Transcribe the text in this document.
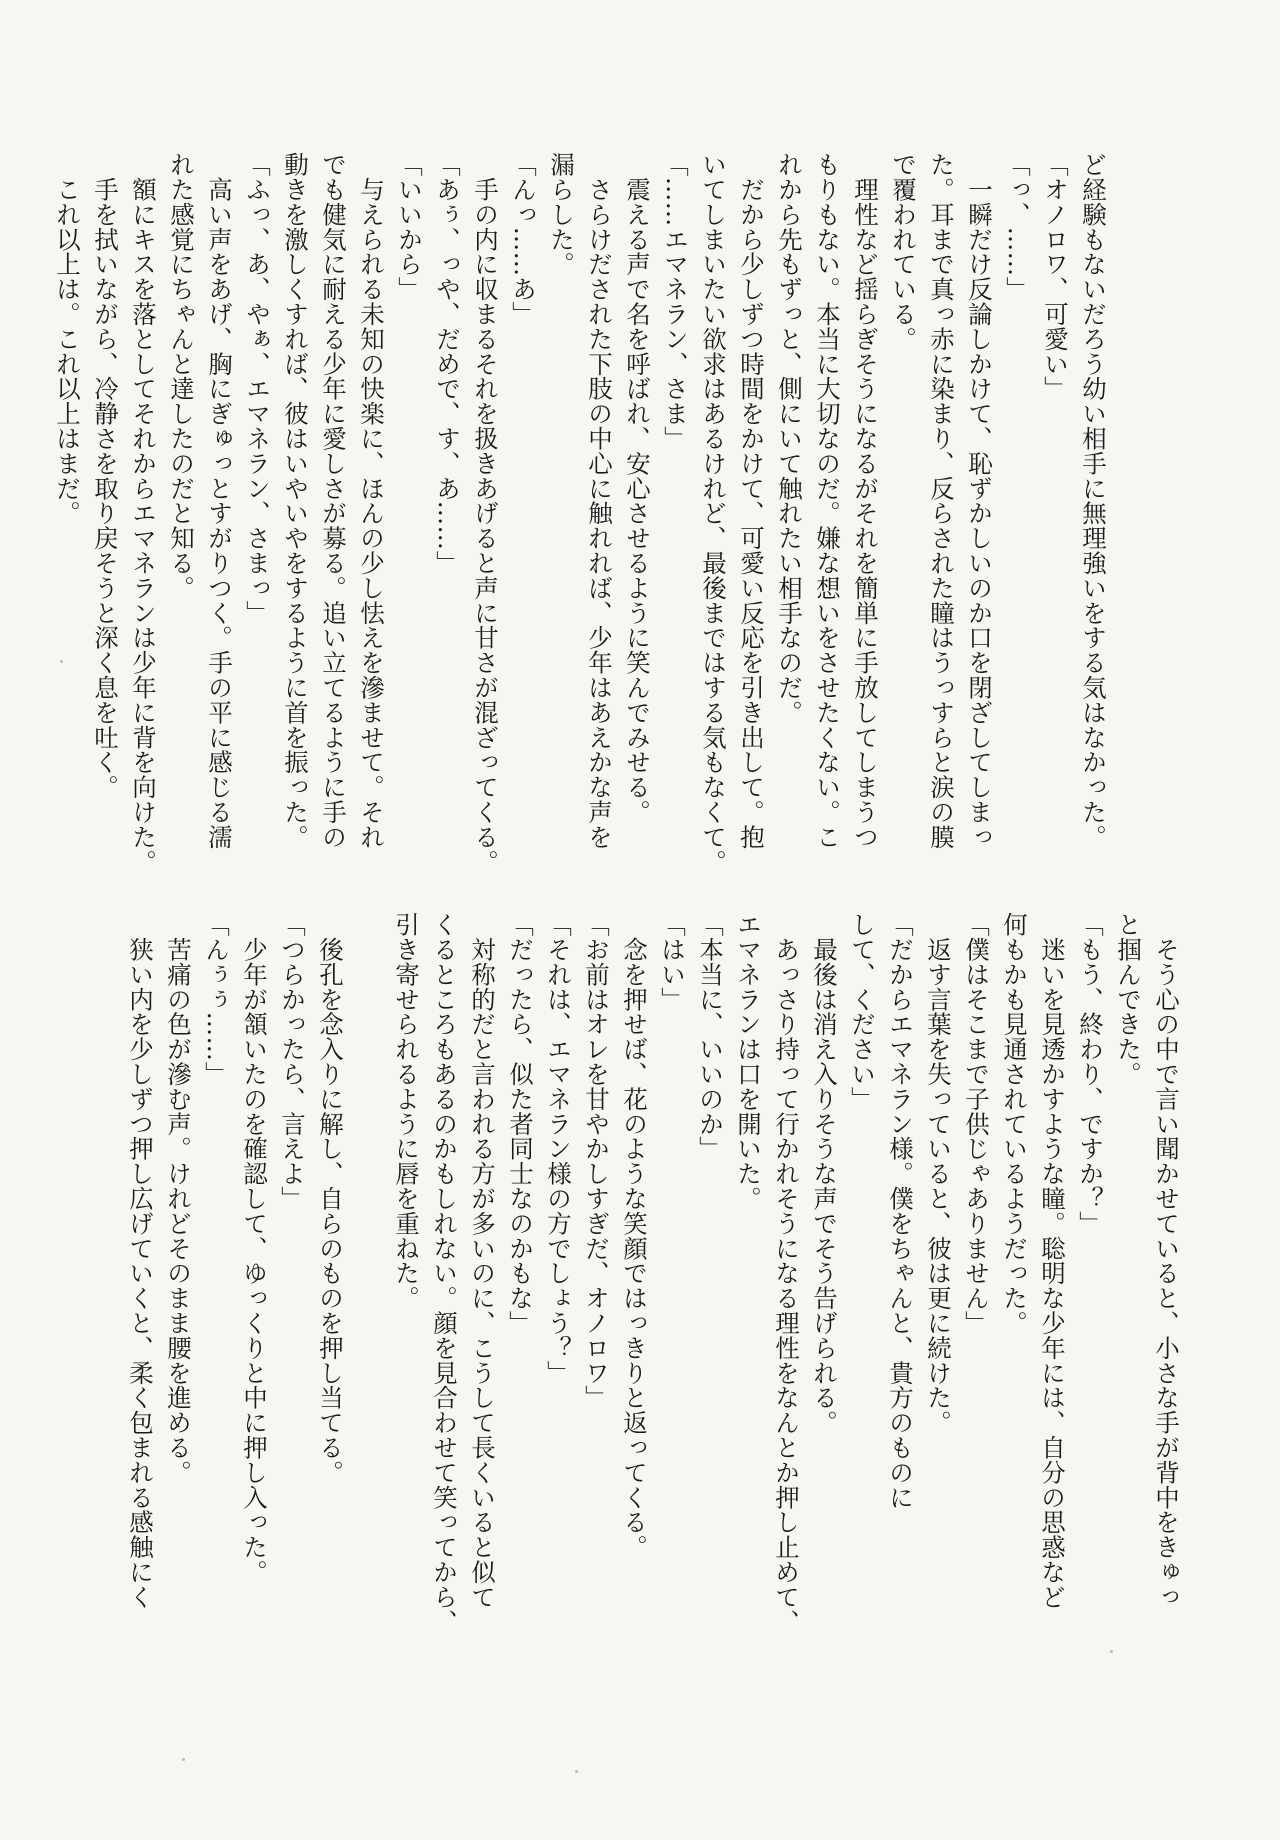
ど経験もないだろう幼い相手に無理強いをする気はなかった。
「オノロワ、可愛い」
「っ、……」
　一瞬だけ反論しかけて、恥ずかしいのか口を閉ざしてしまっ
た。耳まで真っ赤に染まり、反らされた瞳はうっすらと涙の膜
で覆われている。
　理性など揺らぎそうになるがそれを簡単に手放してしまうつ
もりもない。本当に大切なのだ。嫌な想いをさせたくない。こ
れから先もずっと、側にいて触れたい相手なのだ。
　だから少しずつ時間をかけて、可愛い反応を引き出して。抱
いてしまいたい欲求はあるけれど、最後まではする気もなくて。
「……エマネラン、さま」
　震える声で名を呼ばれ、安心させるように笑んでみせる。
　さらけだされた下肢の中心に触れれば、少年はあえかな声を
漏らした。
「んっ……あ」
　手の内に収まるそれを扱きあげると声に甘さが混ざってくる。
「あぅ、っや、だめで、す、あ……」
「いいから」
　与えられる未知の快楽に、ほんの少し怯えを滲ませて。それ
でも健気に耐える少年に愛しさが募る。追い立てるように手の
動きを激しくすれば、彼はいやいやをするように首を振った。
「ふっ、あ、やぁ、エマネラン、さまっ」
　高い声をあげ、胸にぎゅっとすがりつく。手の平に感じる濡
れた感覚にちゃんと達したのだと知る。
　額にキスを落としてそれからエマネランは少年に背を向けた。
　手を拭いながら、冷静さを取り戻そうと深く息を吐く。
　これ以上は。これ以上はまだ。
　そう心の中で言い聞かせていると、小さな手が背中をきゅっ
と掴んできた。
「もう、終わり、ですか？」
　迷いを見透かすような瞳。聡明な少年には、自分の思惑など
何もかも見通されているようだった。
「僕はそこまで子供じゃありません」
　返す言葉を失っていると、彼は更に続けた。
「だからエマネラン様。僕をちゃんと、貴方のものに
して、ください」
　最後は消え入りそうな声でそう告げられる。
　あっさり持って行かれそうになる理性をなんとか押し止めて、
エマネランは口を開いた。
「本当に、いいのか」
「はい」
　念を押せば、花のような笑顔ではっきりと返ってくる。
「お前はオレを甘やかしすぎだ、オノロワ」
「それは、エマネラン様の方でしょう？」
「だったら、似た者同士なのかもな」
　対称的だと言われる方が多いのに、こうして長くいると似て
くるところもあるのかもしれない。顔を見合わせて笑ってから、
引き寄せられるように唇を重ねた。

　後孔を念入りに解し、自らのものを押し当てる。
「つらかったら、言えよ」
　少年が頷いたのを確認して、ゆっくりと中に押し入った。
「んぅぅ……」
　苦痛の色が滲む声。けれどそのまま腰を進める。
　狭い内を少しずつ押し広げていくと、柔く包まれる感触にく
